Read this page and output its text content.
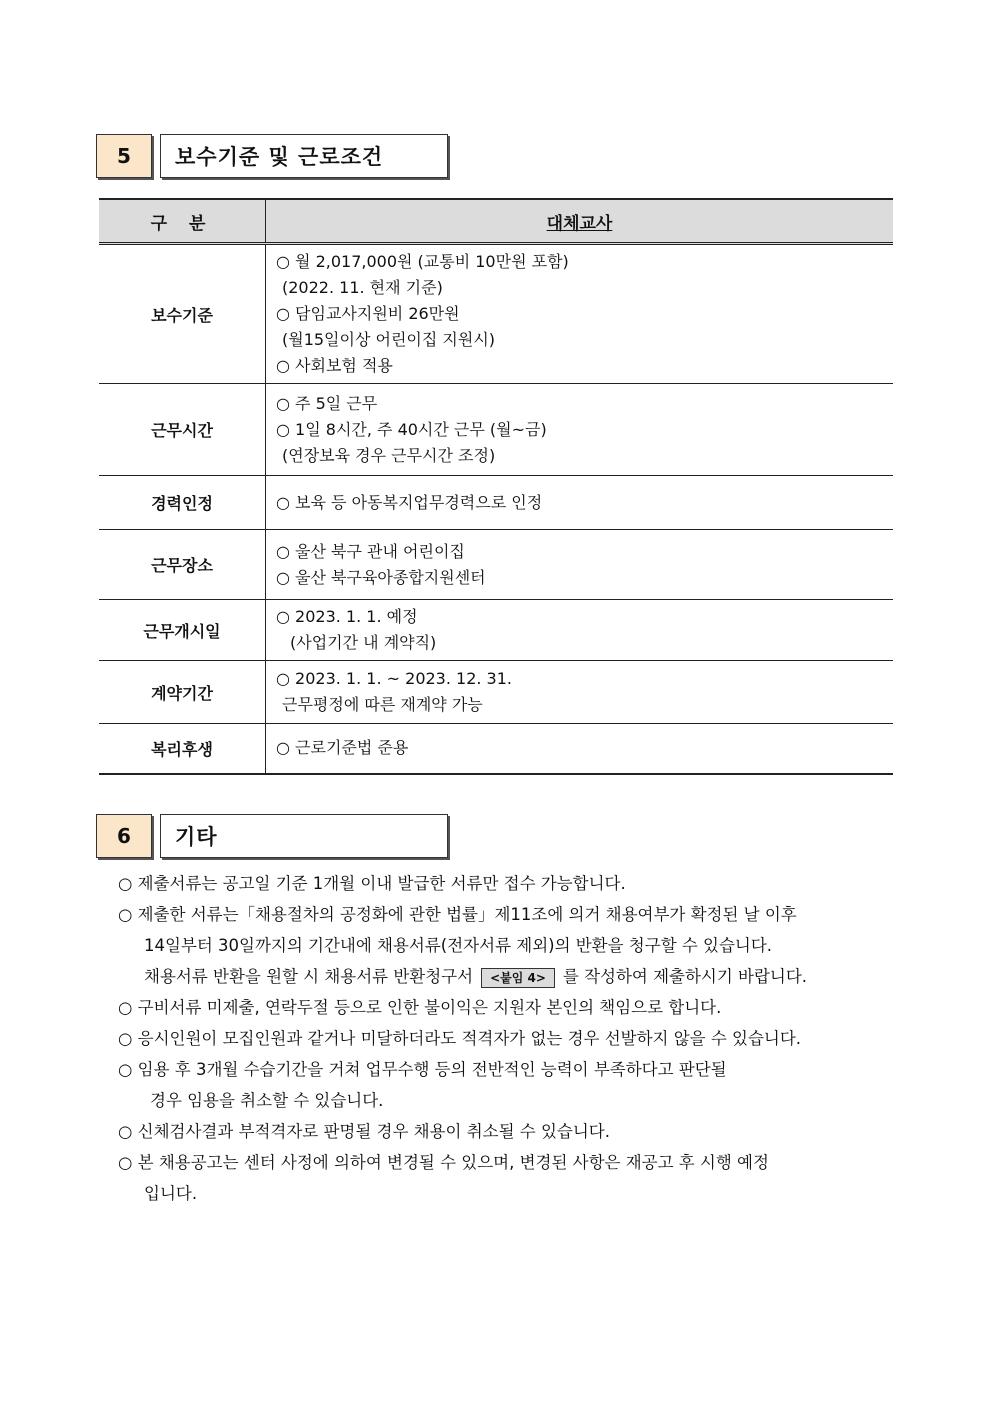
5	보수기준 및 근로조건
구 분	대체교사
보수기준	○ 월 2,017,000원 (교통비 10만원 포함)
(2022. 11. 현재 기준)
○ 담임교사지원비 26만원
(월15일이상 어린이집 지원시)
○ 사회보험 적용

근무시간	○ 주 5일 근무
○ 1일 8시간, 주 40시간 근무 (월~금)
(연장보육 경우 근무시간 조정)

경력인정	○ 보육 등 아동복지업무경력으로 인정

근무장소	○ 울산 북구 관내 어린이집
○ 울산 북구육아종합지원센터

근무개시일	○ 2023. 1. 1. 예정
(사업기간 내 계약직)

계약기간	○ 2023. 1. 1. ~ 2023. 12. 31.
근무평정에 따른 재계약 가능

복리후생	○ 근로기준법 준용
6	기타
○ 제출서류는 공고일 기준 1개월 이내 발급한 서류만 접수 가능합니다.
○ 제출한 서류는「채용절차의 공정화에 관한 법률」제11조에 의거 채용여부가 확정된 날 이후
14일부터 30일까지의 기간내에 채용서류(전자서류 제외)의 반환을 청구할 수 있습니다.
채용서류 반환을 원할 시 채용서류 반환청구서 <붙임 4> 를 작성하여 제출하시기 바랍니다.
○ 구비서류 미제출, 연락두절 등으로 인한 불이익은 지원자 본인의 책임으로 합니다.
○ 응시인원이 모집인원과 같거나 미달하더라도 적격자가 없는 경우 선발하지 않을 수 있습니다.
○ 임용 후 3개월 수습기간을 거쳐 업무수행 등의 전반적인 능력이 부족하다고 판단될
경우 임용을 취소할 수 있습니다.
○ 신체검사결과 부적격자로 판명될 경우 채용이 취소될 수 있습니다.
○ 본 채용공고는 센터 사정에 의하여 변경될 수 있으며, 변경된 사항은 재공고 후 시행 예정
입니다.
